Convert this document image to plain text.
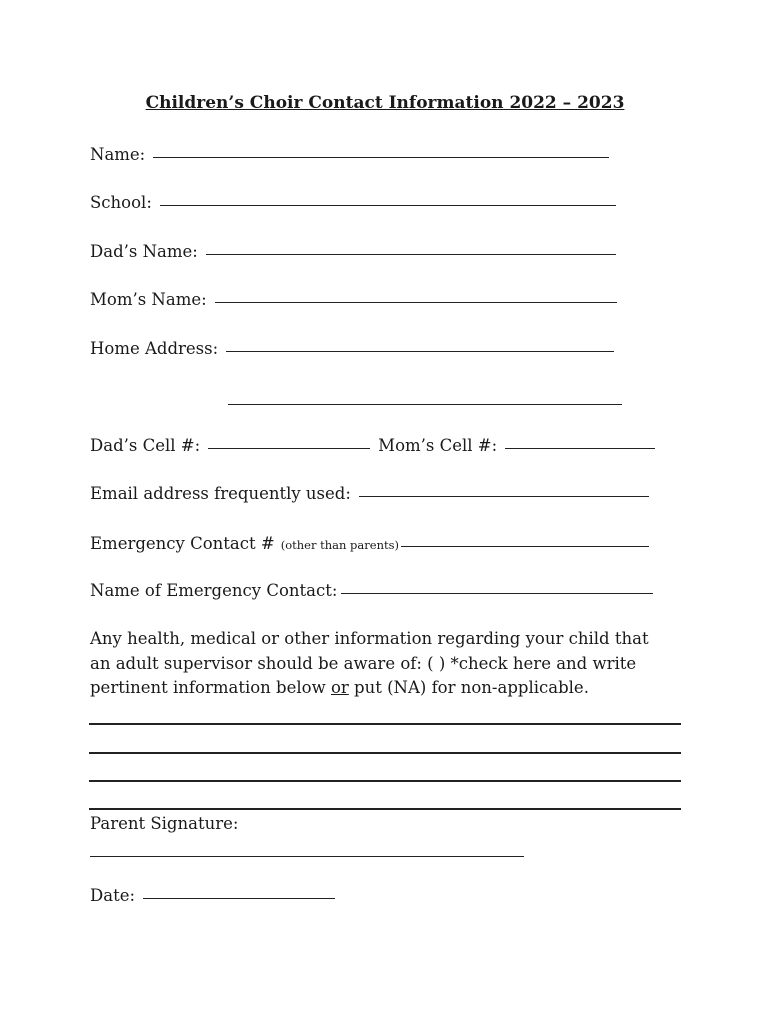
Children’s Choir Contact Information 2022 – 2023
Name:
School:
Dad’s Name:
Mom’s Name:
Home Address:
Dad’s Cell #:	Mom’s Cell #:
Email address frequently used:
Emergency Contact # (other than parents)
Name of Emergency Contact:
Any health, medical or other information regarding your child that
an adult supervisor should be aware of: ( ) *check here and write
pertinent information below or put (NA) for non-applicable.
Parent Signature:
Date:
